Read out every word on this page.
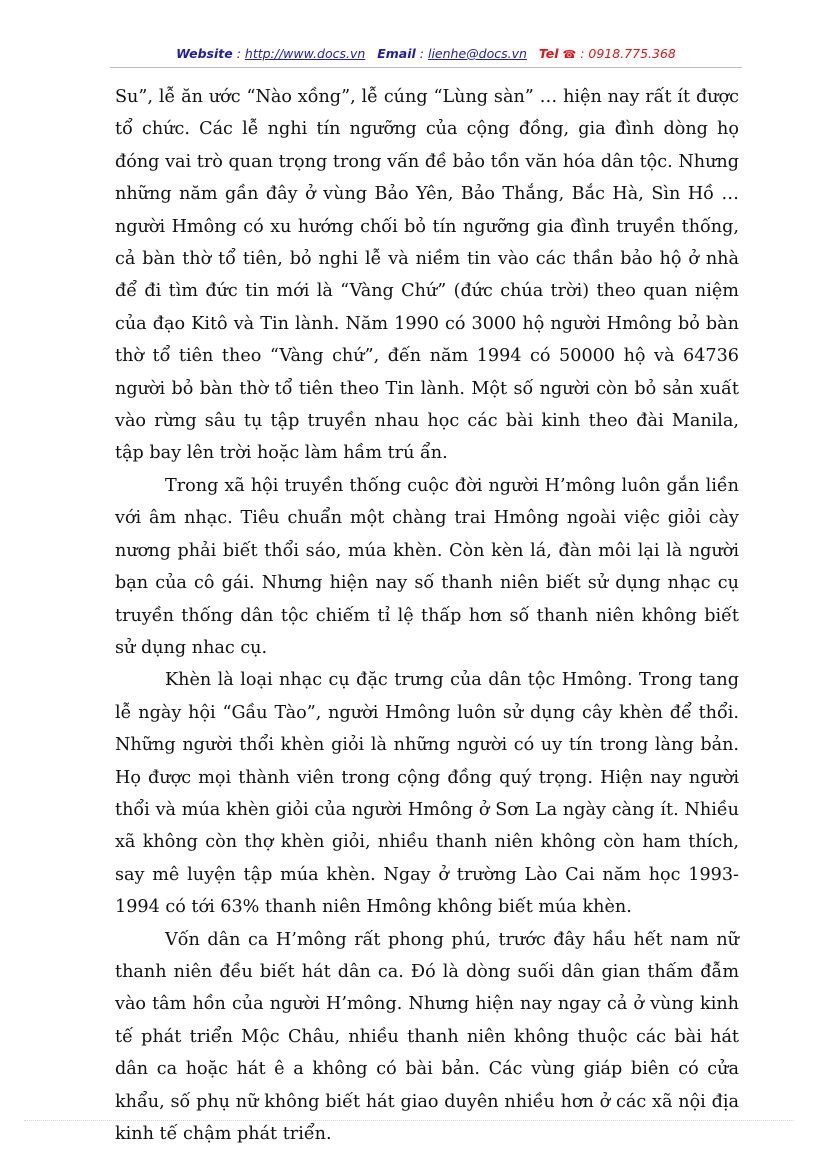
Website : http://www.docs.vn Email : lienhe@docs.vn Tel ☎ : 0918.775.368

Su”, lễ ăn ước “Nào xồng”, lễ cúng “Lùng sàn” … hiện nay rất ít được tổ chức. Các lễ nghi tín ngưỡng của cộng đồng, gia đình dòng họ đóng vai trò quan trọng trong vấn đề bảo tồn văn hóa dân tộc. Nhưng những năm gần đây ở vùng Bảo Yên, Bảo Thắng, Bắc Hà, Sìn Hồ … người Hmông có xu hướng chối bỏ tín ngưỡng gia đình truyền thống, cả bàn thờ tổ tiên, bỏ nghi lễ và niềm tin vào các thần bảo hộ ở nhà để đi tìm đức tin mới là “Vàng Chứ” (đức chúa trời) theo quan niệm của đạo Kitô và Tin lành. Năm 1990 có 3000 hộ người Hmông bỏ bàn thờ tổ tiên theo “Vàng chứ”, đến năm 1994 có 50000 hộ và 64736 người bỏ bàn thờ tổ tiên theo Tin lành. Một số người còn bỏ sản xuất vào rừng sâu tụ tập truyền nhau học các bài kinh theo đài Manila, tập bay lên trời hoặc làm hầm trú ẩn.

Trong xã hội truyền thống cuộc đời người H’mông luôn gắn liền với âm nhạc. Tiêu chuẩn một chàng trai Hmông ngoài việc giỏi cày nương phải biết thổi sáo, múa khèn. Còn kèn lá, đàn môi lại là người bạn của cô gái. Nhưng hiện nay số thanh niên biết sử dụng nhạc cụ truyền thống dân tộc chiếm tỉ lệ thấp hơn số thanh niên không biết sử dụng nhac cụ.

Khèn là loại nhạc cụ đặc trưng của dân tộc Hmông. Trong tang lễ ngày hội “Gầu Tào”, người Hmông luôn sử dụng cây khèn để thổi. Những người thổi khèn giỏi là những người có uy tín trong làng bản. Họ được mọi thành viên trong cộng đồng quý trọng. Hiện nay người thổi và múa khèn giỏi của người Hmông ở Sơn La ngày càng ít. Nhiều xã không còn thợ khèn giỏi, nhiều thanh niên không còn ham thích, say mê luyện tập múa khèn. Ngay ở trường Lào Cai năm học 1993-1994 có tới 63% thanh niên Hmông không biết múa khèn.

Vốn dân ca H’mông rất phong phú, trước đây hầu hết nam nữ thanh niên đều biết hát dân ca. Đó là dòng suối dân gian thấm đẫm vào tâm hồn của người H’mông. Nhưng hiện nay ngay cả ở vùng kinh tế phát triển Mộc Châu, nhiều thanh niên không thuộc các bài hát dân ca hoặc hát ê a không có bài bản. Các vùng giáp biên có cửa khẩu, số phụ nữ không biết hát giao duyên nhiều hơn ở các xã nội địa kinh tế chậm phát triển.
